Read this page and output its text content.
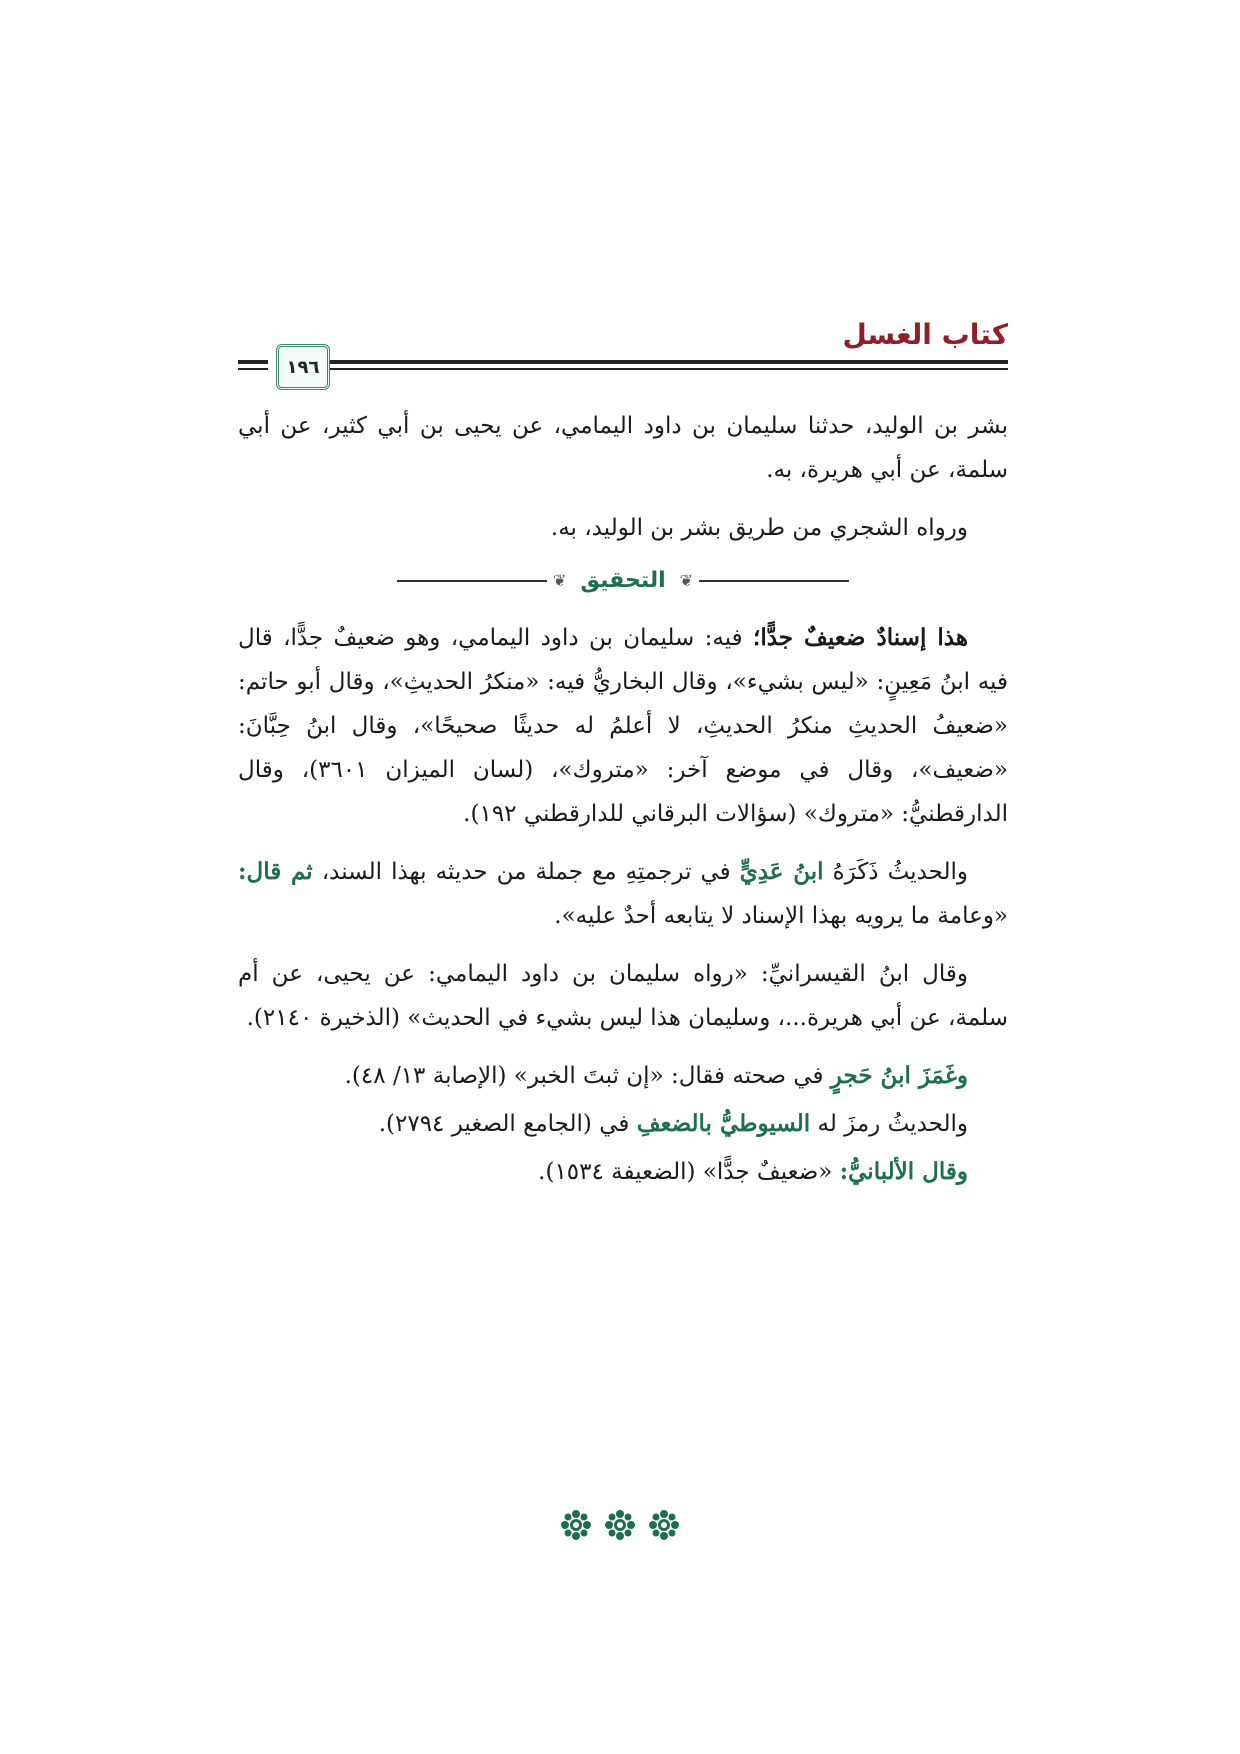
كتاب الغسل
١٩٦

بشر بن الوليد، حدثنا سليمان بن داود اليمامي، عن يحيى بن أبي كثير، عن أبي سلمة، عن أبي هريرة، به.

ورواه الشجري من طريق بشر بن الوليد، به.

❦
التحقيق
❦

هذا إسنادٌ ضعيفٌ جدًّا؛ فيه: سليمان بن داود اليمامي، وهو ضعيفٌ جدًّا، قال فيه ابنُ مَعِينٍ: «ليس بشيء»، وقال البخاريُّ فيه: «منكرُ الحديثِ»، وقال أبو حاتم: «ضعيفُ الحديثِ منكرُ الحديثِ، لا أعلمُ له حديثًا صحيحًا»، وقال ابنُ حِبَّانَ: «ضعيف»، وقال في موضع آخر: «متروك»، (لسان الميزان ٣٦٠١)، وقال الدارقطنيُّ: «متروك» (سؤالات البرقاني للدارقطني ١٩٢).

والحديثُ ذَكَرَهُ ابنُ عَدِيٍّ في ترجمتِهِ مع جملة من حديثه بهذا السند، ثم قال: «وعامة ما يرويه بهذا الإسناد لا يتابعه أحدٌ عليه».

وقال ابنُ القيسرانيِّ: «رواه سليمان بن داود اليمامي: عن يحيى، عن أم سلمة، عن أبي هريرة...، وسليمان هذا ليس بشيء في الحديث» (الذخيرة ٢١٤٠).

وغَمَزَ ابنُ حَجرٍ في صحته فقال: «إن ثبتَ الخبر» (الإصابة ١٣/ ٤٨).

والحديثُ رمزَ له السيوطيُّ بالضعفِ في (الجامع الصغير ٢٧٩٤).

وقال الألبانيُّ: «ضعيفٌ جدًّا» (الضعيفة ١٥٣٤).
